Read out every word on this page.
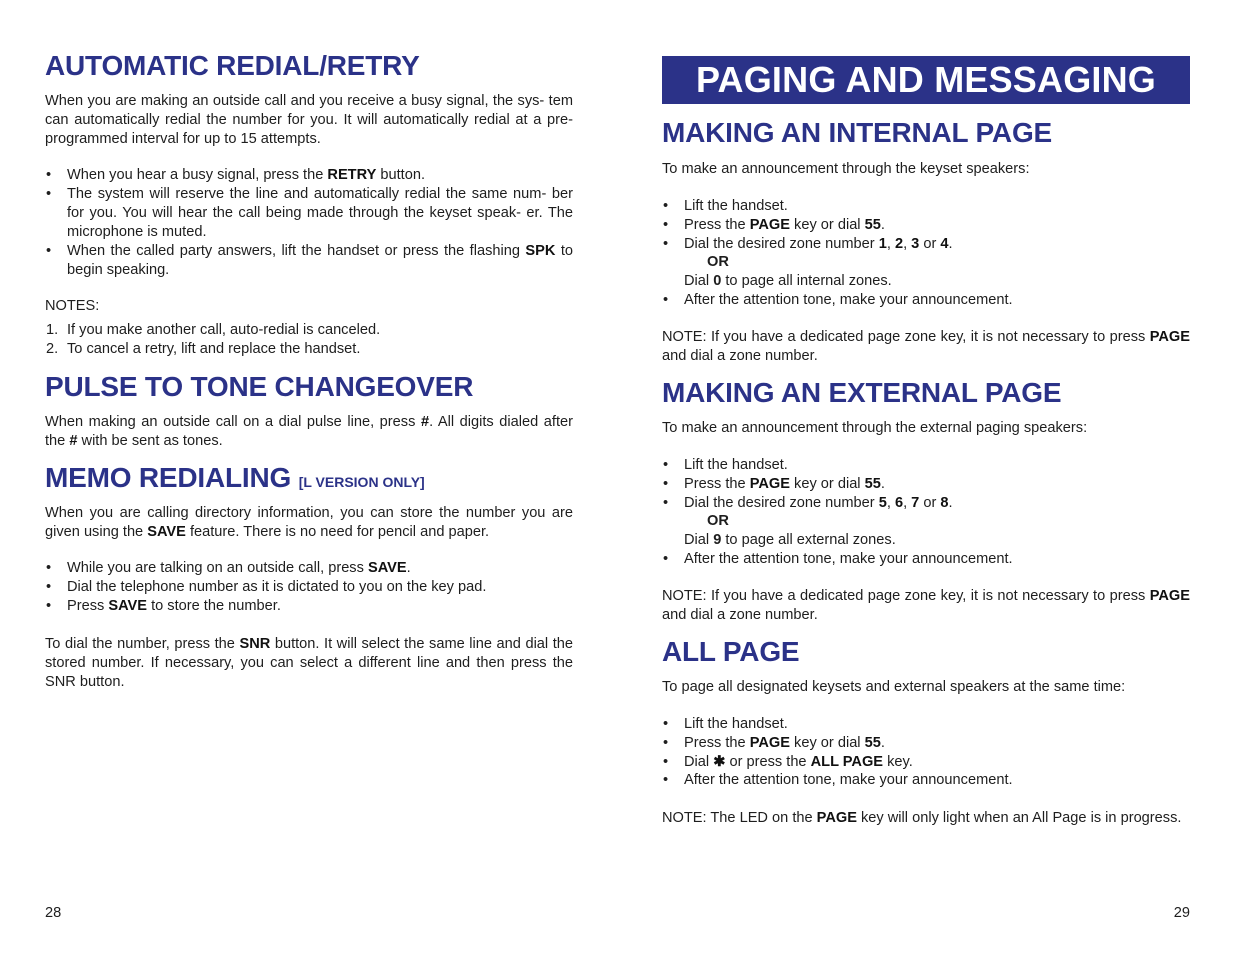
AUTOMATIC REDIAL/RETRY

When you are making an outside call and you receive a busy signal, the sys- tem can automatically redial the number for you. It will automatically redial at a pre-programmed interval for up to 15 attempts.

• When you hear a busy signal, press the RETRY button.
• The system will reserve the line and automatically redial the same num- ber for you. You will hear the call being made through the keyset speak- er. The microphone is muted.
• When the called party answers, lift the handset or press the flashing SPK to begin speaking.
NOTES:
1. If you make another call, auto-redial is canceled.
2. To cancel a retry, lift and replace the handset.
PULSE TO TONE CHANGEOVER

When making an outside call on a dial pulse line, press #. All digits dialed after the # with be sent as tones.

MEMO REDIALING [L VERSION ONLY]

When you are calling directory information, you can store the number you are given using the SAVE feature. There is no need for pencil and paper.

• While you are talking on an outside call, press SAVE.
• Dial the telephone number as it is dictated to you on the key pad.
• Press SAVE to store the number.

To dial the number, press the SNR button. It will select the same line and dial the stored number. If necessary, you can select a different line and then press the SNR button.

28
PAGING AND MESSAGING
MAKING AN INTERNAL PAGE

To make an announcement through the keyset speakers:

• Lift the handset.
• Press the PAGE key or dial 55.
• Dial the desired zone number 1, 2, 3 or 4.
OR
Dial 0 to page all internal zones.
• After the attention tone, make your announcement.

NOTE: If you have a dedicated page zone key, it is not necessary to press PAGE and dial a zone number.

MAKING AN EXTERNAL PAGE

To make an announcement through the external paging speakers:

• Lift the handset.
• Press the PAGE key or dial 55.
• Dial the desired zone number 5, 6, 7 or 8.
OR
Dial 9 to page all external zones.
• After the attention tone, make your announcement.

NOTE: If you have a dedicated page zone key, it is not necessary to press PAGE and dial a zone number.

ALL PAGE

To page all designated keysets and external speakers at the same time:

• Lift the handset.
• Press the PAGE key or dial 55.
• Dial ✱ or press the ALL PAGE key.
• After the attention tone, make your announcement.

NOTE: The LED on the PAGE key will only light when an All Page is in progress.

29
